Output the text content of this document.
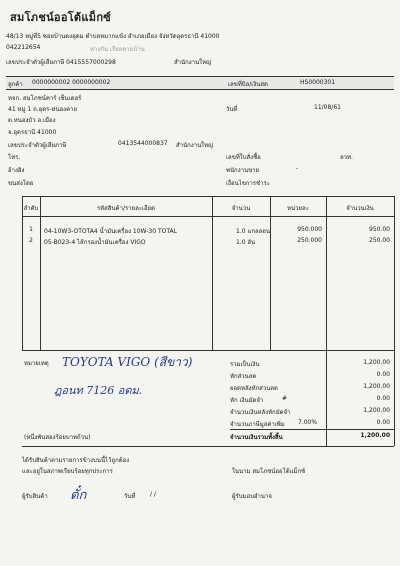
สมโภชน์ออโต้แม็กซ์
48/13 หมู่ที่5 ซอยบ้านดงอุดม ตำบลหมากแข้ง อำเภอเมือง จังหวัดอุดรธานี 41000
042212654	ห่างกัน เรียลตามบ้าน
เลขประจำตัวผู้เสียภาษี 0415557000298	สำนักงานใหญ่
ลูกค้า 0000000002 0000000002	เลขที่บิล/เงินสด	HS0000301
หจก. สมโภชน์คาร์ เซ็นเตอร์
41 หมู่ 1 ถ.อุดร-หนองคาย	วันที่	11/08/61
ต.หนองบัว อ.เมือง
จ.อุดรธานี 41000
เลขประจำตัวผู้เสียภาษี	0413544000837 สำนักงานใหญ่
โทร.	เลขที่ใบสั่งซื้อ	ลวท.
อ้างอิง	พนักงานขาย	-
ขนส่งโดย	เงื่อนไขการชำระ
ลำดับ	รหัสสินค้า/รายละเอียด	จำนวน	หน่วยละ	จำนวนเงิน
1	04-10W3-OTOTA4 น้ำมันเครื่อง 10W-30 TOTAL	1.0 แกลลอน	950.000	950.00
2	05-B023-4 ไส้กรองน้ำมันเครื่อง VIGO	1.0 อัน	250.000	250.00
หมายเหตุ TOYOTA VIGO (สีขาว)
ฎอนท 7126 อดม.
(หนึ่งพันสองร้อยบาทถ้วน)
รวมเป็นเงิน	1,200.00
หักส่วนลด	0.00
ยอดหลังหักส่วนลด	1,200.00
หัก เงินมัดจำ	#	0.00
จำนวนเงินหลังหักมัดจำ	1,200.00
จำนวนภาษีมูลค่าเพิ่ม 7.00%	0.00
จำนวนเงินรวมทั้งสิ้น	1,200.00
ได้รับสินค้าตามรายการข้างบนนี้ไว้ถูกต้อง
และอยู่ในสภาพเรียบร้อยทุกประการ	ในนาม สมโภชน์ออโต้แม็กซ์
ผู้รับสินค้า ตั๋ก	วันที่ / /	ผู้รับมอบอำนาจ
